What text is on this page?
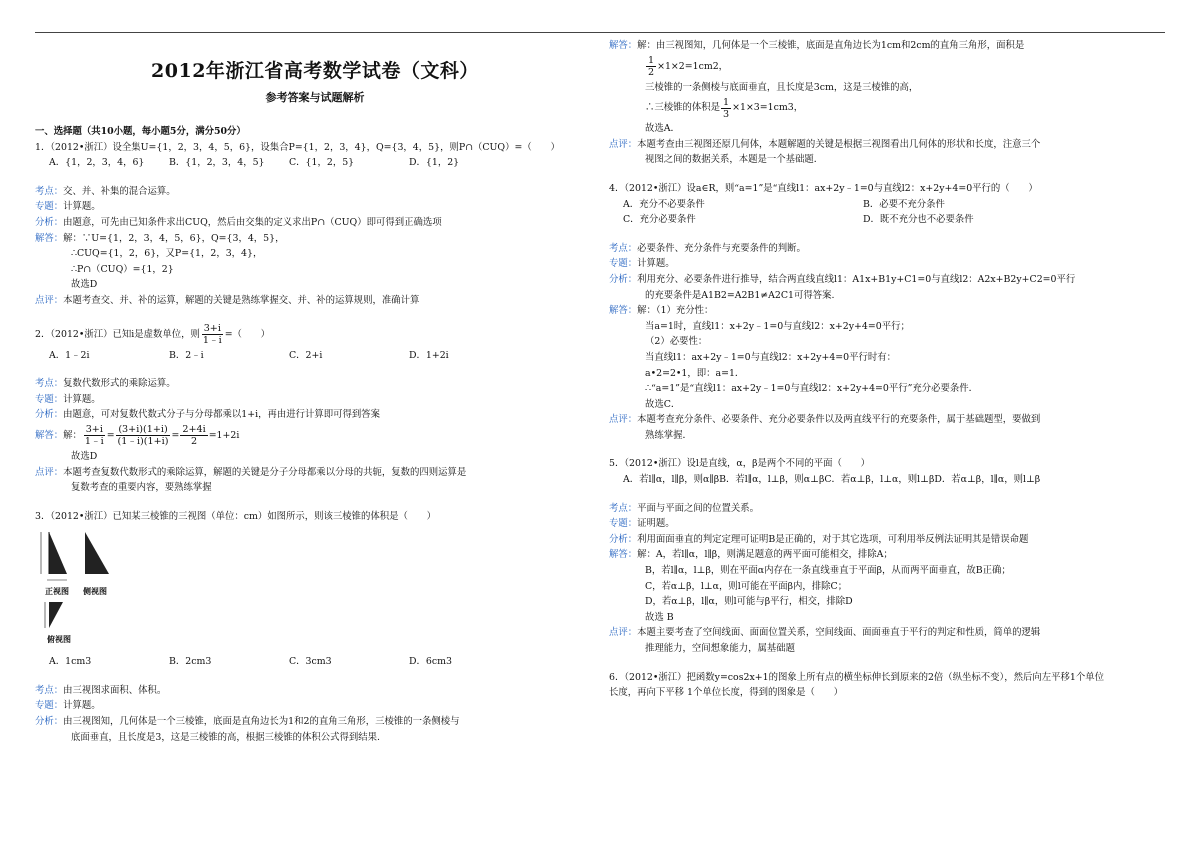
2012年浙江省高考数学试卷（文科）
参考答案与试题解析
一、选择题（共10小题，每小题5分，满分50分）
1．（2012•浙江）设全集U={1，2，3，4，5，6}，设集合P={1，2，3，4}，Q={3，4，5}，则P∩（CUQ）=（　　）
A．{1，2，3，4，6}	B．{1，2，3，4，5}	C．{1，2，5}	D．{1，2}
考点：交、并、补集的混合运算。
专题：计算题。
分析：由题意，可先由已知条件求出CUQ，然后由交集的定义求出P∩（CUQ）即可得到正确选项
解答：解：∵U={1，2，3，4，5，6}，Q={3，4，5}，
∴CUQ={1，2，6}，又P={1，2，3，4}，
∴P∩（CUQ）={1，2}
故选D
点评：本题考查交、并、补的运算，解题的关键是熟练掌握交、并、补的运算规则，准确计算
2．（2012•浙江）已知i是虚数单位，则 $\frac{3+i}{1﹣i}$ =（　　）
A．1﹣2i	B．2﹣i	C．2+i	D．1+2i
考点：复数代数形式的乘除运算。
专题：计算题。
分析：由题意，可对复数代数式分子与分母都乘以1+i，再由进行计算即可得到答案
解答： 解： $\frac{3+i}{1﹣i} = \frac{(3+i)(1+i)}{(1﹣i)(1+i)} = \frac{2+4i}{2} =1+2i$
故选D
点评：本题考查复数代数形式的乘除运算，解题的关键是分子分母都乘以分母的共轭，复数的四则运算是
复数考查的重要内容，要熟练掌握
3．（2012•浙江）已知某三棱锥的三视图（单位：cm）如图所示，则该三棱锥的体积是（　　）
正视图 侧视图
俯视图
A．1cm3	B．2cm3	C．3cm3	D．6cm3
考点：由三视图求面积、体积。
专题：计算题。
分析：由三视图知，几何体是一个三棱锥，底面是直角边长为1和2的直角三角形，三棱锥的一条侧棱与
底面垂直，且长度是3，这是三棱锥的高，根据三棱锥的体积公式得到结果.
解答：解：由三视图知，几何体是一个三棱锥，底面是直角边长为1cm和2cm的直角三角形，面积是
$\frac{1}{2} \times 1\times 2=1cm2$，
三棱锥的一条侧棱与底面垂直，且长度是3cm，这是三棱锥的高，
∴三棱锥的体积是 $\frac{1}{3} \times 1\times 3=1cm3$，
故选A．
点评：本题考查由三视图还原几何体，本题解题的关键是根据三视图看出几何体的形状和长度，注意三个
视图之间的数据关系，本题是一个基础题．
4．（2012•浙江）设a∈R，则“a=1”是“直线l1：ax+2y﹣1=0与直线l2：x+2y+4=0平行的（　　）
A．充分不必要条件	B．必要不充分条件
C．充分必要条件	D．既不充分也不必要条件
考点：必要条件、充分条件与充要条件的判断。
专题：计算题。
分析：利用充分、必要条件进行推导，结合两直线直线l1：A1x+B1y+C1=0与直线l2：A2x+B2y+C2=0平行
的充要条件是A1B2=A2B1≠A2C1可得答案.
解答：解：（1）充分性：
当a=1时，直线l1：x+2y﹣1=0与直线l2：x+2y+4=0平行；
（2）必要性：
当直线l1：ax+2y﹣1=0与直线l2：x+2y+4=0平行时有：
a•2=2•1，即：a=1．
∴“a=1”是“直线l1：ax+2y﹣1=0与直线l2：x+2y+4=0平行”充分必要条件．
故选C．
点评：本题考查充分条件、必要条件、充分必要条件以及两直线平行的充要条件，属于基础题型，要做到
熟练掌握．
5．（2012•浙江）设l是直线，α，β是两个不同的平面（　　）
A．若l∥α，l∥β，则α∥βB．若l∥α，l⊥β，则α⊥βC．若α⊥β，l⊥α，则l⊥βD．若α⊥β，l∥α，则l⊥β
考点：平面与平面之间的位置关系。
专题：证明题。
分析：利用面面垂直的判定定理可证明B是正确的，对于其它选项，可利用举反例法证明其是错误命题
解答：解：A，若l∥α，l∥β，则满足题意的两平面可能相交，排除A；
B，若l∥α，l⊥β，则在平面α内存在一条直线垂直于平面β，从而两平面垂直，故B正确；
C，若α⊥β，l⊥α，则l可能在平面β内，排除C；
D，若α⊥β，l∥α，则l可能与β平行，相交，排除D
故选 B
点评：本题主要考查了空间线面、面面位置关系，空间线面、面面垂直于平行的判定和性质，简单的逻辑
推理能力，空间想象能力，属基础题
6．（2012•浙江）把函数y=cos2x+1的图象上所有点的横坐标伸长到原来的2倍（纵坐标不变），然后向左平移1个单位
长度，再向下平移 1个单位长度，得到的图象是（　　）
